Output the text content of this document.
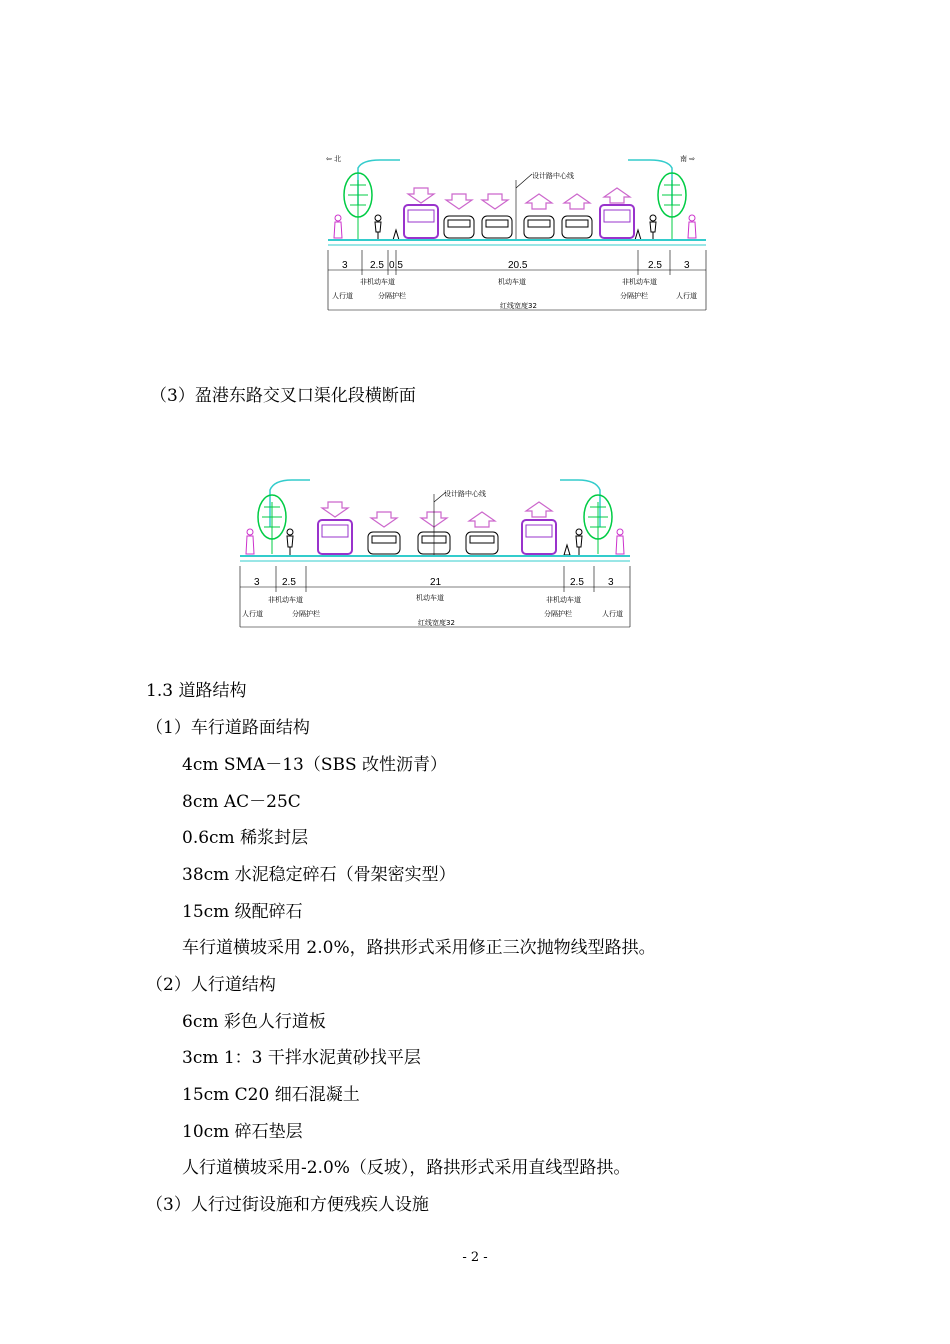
⇦ 北	南 ⇨
设计路中心线
3 2.5 0.5	20.5	2.5 3
非机动车道	机动车道	非机动车道
分隔护栏	分隔护栏
人行道	人行道
红线宽度32
（3）盈港东路交叉口渠化段横断面
设计路中心线
3 2.5	21	2.5 3
非机动车道	机动车道	非机动车道
分隔护栏	分隔护栏
人行道	人行道
红线宽度32
1.3 道路结构
（1）车行道路面结构
4cm SMA－13（SBS 改性沥青）
8cm AC－25C
0.6cm 稀浆封层
38cm 水泥稳定碎石（骨架密实型）
15cm 级配碎石
车行道横坡采用 2.0%，路拱形式采用修正三次抛物线型路拱。
（2）人行道结构
6cm 彩色人行道板
3cm 1：3 干拌水泥黄砂找平层
15cm C20 细石混凝土
10cm 碎石垫层
人行道横坡采用-2.0%（反坡），路拱形式采用直线型路拱。
（3）人行过街设施和方便残疾人设施
- 2 -
